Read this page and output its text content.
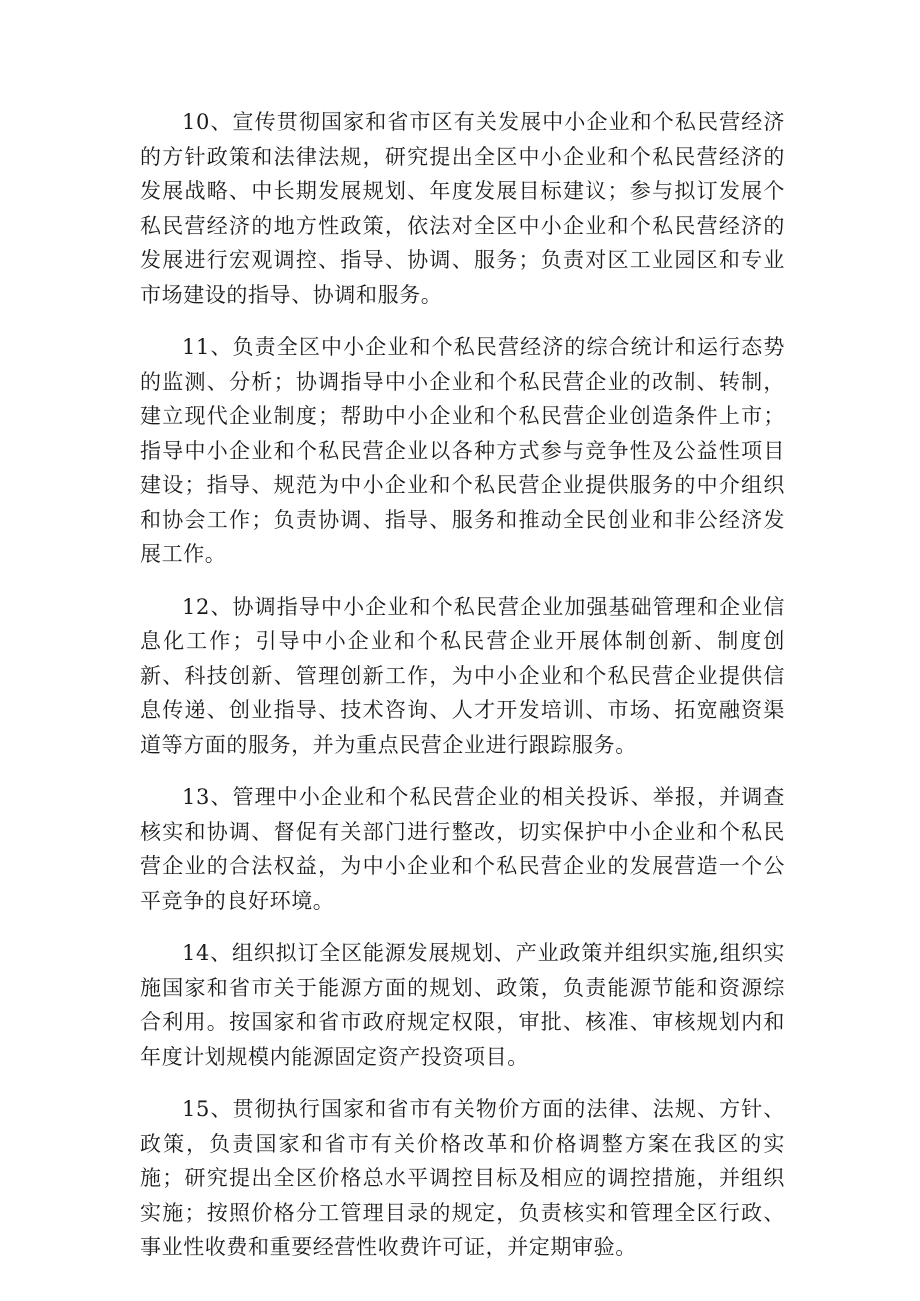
10、宣传贯彻国家和省市区有关发展中小企业和个私民营经济的方针政策和法律法规，研究提出全区中小企业和个私民营经济的发展战略、中长期发展规划、年度发展目标建议；参与拟订发展个私民营经济的地方性政策，依法对全区中小企业和个私民营经济的发展进行宏观调控、指导、协调、服务；负责对区工业园区和专业市场建设的指导、协调和服务。

11、负责全区中小企业和个私民营经济的综合统计和运行态势的监测、分析；协调指导中小企业和个私民营企业的改制、转制，建立现代企业制度；帮助中小企业和个私民营企业创造条件上市；指导中小企业和个私民营企业以各种方式参与竞争性及公益性项目建设；指导、规范为中小企业和个私民营企业提供服务的中介组织和协会工作；负责协调、指导、服务和推动全民创业和非公经济发展工作。

12、协调指导中小企业和个私民营企业加强基础管理和企业信息化工作；引导中小企业和个私民营企业开展体制创新、制度创新、科技创新、管理创新工作，为中小企业和个私民营企业提供信息传递、创业指导、技术咨询、人才开发培训、市场、拓宽融资渠道等方面的服务，并为重点民营企业进行跟踪服务。

13、管理中小企业和个私民营企业的相关投诉、举报，并调查核实和协调、督促有关部门进行整改，切实保护中小企业和个私民营企业的合法权益，为中小企业和个私民营企业的发展营造一个公平竞争的良好环境。

14、组织拟订全区能源发展规划、产业政策并组织实施,组织实施国家和省市关于能源方面的规划、政策，负责能源节能和资源综合利用。按国家和省市政府规定权限，审批、核准、审核规划内和年度计划规模内能源固定资产投资项目。

15、贯彻执行国家和省市有关物价方面的法律、法规、方针、政策，负责国家和省市有关价格改革和价格调整方案在我区的实施；研究提出全区价格总水平调控目标及相应的调控措施，并组织实施；按照价格分工管理目录的规定，负责核实和管理全区行政、事业性收费和重要经营性收费许可证，并定期审验。
